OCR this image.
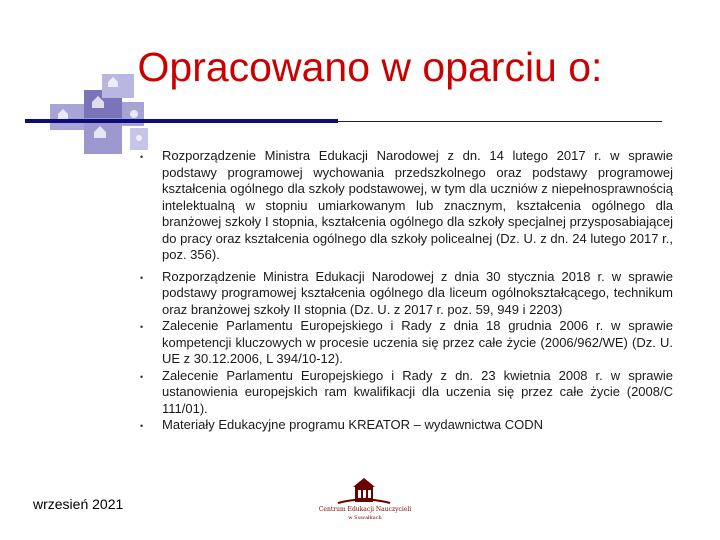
Opracowano w oparciu o:
• Rozporządzenie Ministra Edukacji Narodowej z dn. 14 lutego 2017 r. w sprawie podstawy programowej wychowania przedszkolnego oraz podstawy programowej kształcenia ogólnego dla szkoły podstawowej, w tym dla uczniów z niepełnosprawnością intelektualną w stopniu umiarkowanym lub znacznym, kształcenia ogólnego dla branżowej szkoły I stopnia, kształcenia ogólnego dla szkoły specjalnej przysposabiającej do pracy oraz kształcenia ogólnego dla szkoły policealnej (Dz. U. z dn. 24 lutego 2017 r., poz. 356).
• Rozporządzenie Ministra Edukacji Narodowej z dnia 30 stycznia 2018 r. w sprawie podstawy programowej kształcenia ogólnego dla liceum ogólnokształcącego, technikum oraz branżowej szkoły II stopnia (Dz. U. z 2017 r. poz. 59, 949 i 2203)
• Zalecenie Parlamentu Europejskiego i Rady z dnia 18 grudnia 2006 r. w sprawie kompetencji kluczowych w procesie uczenia się przez całe życie (2006/962/WE) (Dz. U. UE z 30.12.2006, L 394/10-12).
• Zalecenie Parlamentu Europejskiego i Rady z dn. 23 kwietnia 2008 r. w sprawie ustanowienia europejskich ram kwalifikacji dla uczenia się przez całe życie (2008/C 111/01).
• Materiały Edukacyjne programu KREATOR – wydawnictwa CODN
wrzesień 2021	Centrum Edukacji Nauczycieli
w Suwałkach
